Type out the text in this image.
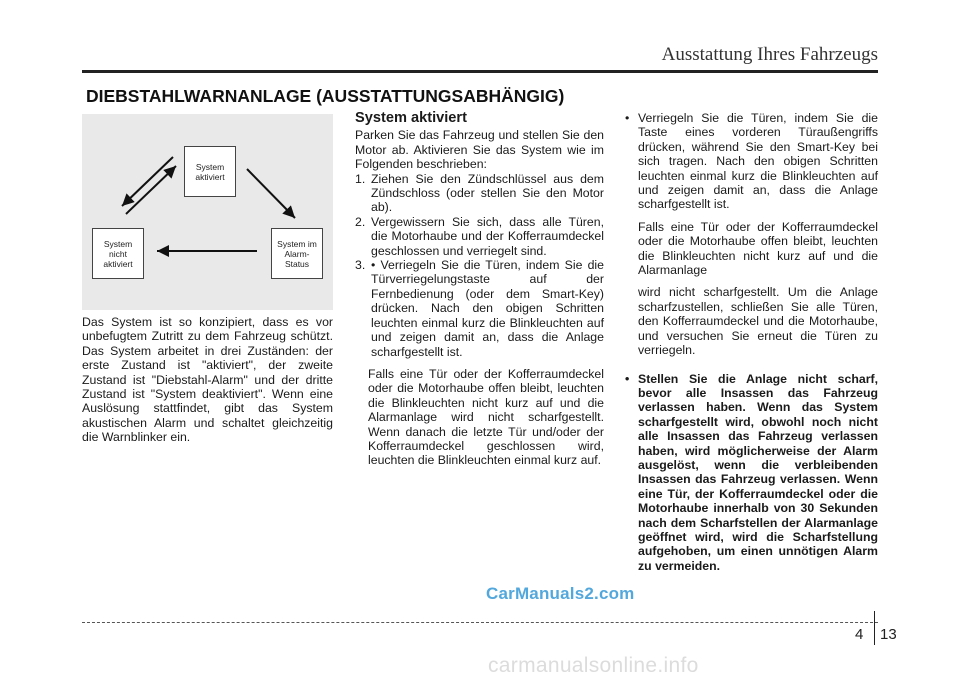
Ausstattung Ihres Fahrzeugs
DIEBSTAHLWARNANLAGE (AUSSTATTUNGSABHÄNGIG)
System
aktiviert
System
nicht
aktiviert
System im
Alarm-
Status

Das System ist so konzipiert, dass es vor unbefugtem Zutritt zu dem Fahrzeug schützt. Das System arbeitet in drei Zuständen: der erste Zustand ist "aktiviert", der zweite Zustand ist "Diebstahl-Alarm" und der dritte Zustand ist "System deaktiviert". Wenn eine Auslösung stattfindet, gibt das System akustischen Alarm und schaltet gleichzeitig die Warnblinker ein.

System aktiviert

Parken Sie das Fahrzeug und stellen Sie den Motor ab. Aktivieren Sie das System wie im Folgenden beschrieben:

1. Ziehen Sie den Zündschlüssel aus dem Zündschloss (oder stellen Sie den Motor ab).
2. Vergewissern Sie sich, dass alle Türen, die Motorhaube und der Kofferraumdeckel geschlossen und verriegelt sind.
3. • Verriegeln Sie die Türen, indem Sie die Türverriegelungstaste auf der Fernbedienung (oder dem Smart-Key) drücken. Nach den obigen Schritten leuchten einmal kurz die Blinkleuchten auf und zeigen damit an, dass die Anlage scharfgestellt ist.

Falls eine Tür oder der Kofferraumdeckel oder die Motorhaube offen bleibt, leuchten die Blinkleuchten nicht kurz auf und die Alarmanlage wird nicht scharfgestellt. Wenn danach die letzte Tür und/oder der Kofferraumdeckel geschlossen wird, leuchten die Blinkleuchten einmal kurz auf.

• Verriegeln Sie die Türen, indem Sie die Taste eines vorderen Türaußengriffs drücken, während Sie den Smart-Key bei sich tragen. Nach den obigen Schritten leuchten einmal kurz die Blinkleuchten auf und zeigen damit an, dass die Anlage scharfgestellt ist.

Falls eine Tür oder der Kofferraumdeckel oder die Motorhaube offen bleibt, leuchten die Blinkleuchten nicht kurz auf und die Alarmanlage

wird nicht scharfgestellt. Um die Anlage scharfzustellen, schließen Sie alle Türen, den Kofferraumdeckel und die Motorhaube, und versuchen Sie erneut die Türen zu verriegeln.

• Stellen Sie die Anlage nicht scharf, bevor alle Insassen das Fahrzeug verlassen haben. Wenn das System scharfgestellt wird, obwohl noch nicht alle Insassen das Fahrzeug verlassen haben, wird möglicherweise der Alarm ausgelöst, wenn die verbleibenden Insassen das Fahrzeug verlassen. Wenn eine Tür, der Kofferraumdeckel oder die Motorhaube innerhalb von 30 Sekunden nach dem Scharfstellen der Alarmanlage geöffnet wird, wird die Scharfstellung aufgehoben, um einen unnötigen Alarm zu vermeiden.
CarManuals2.com
4 13
carmanualsonline.info
